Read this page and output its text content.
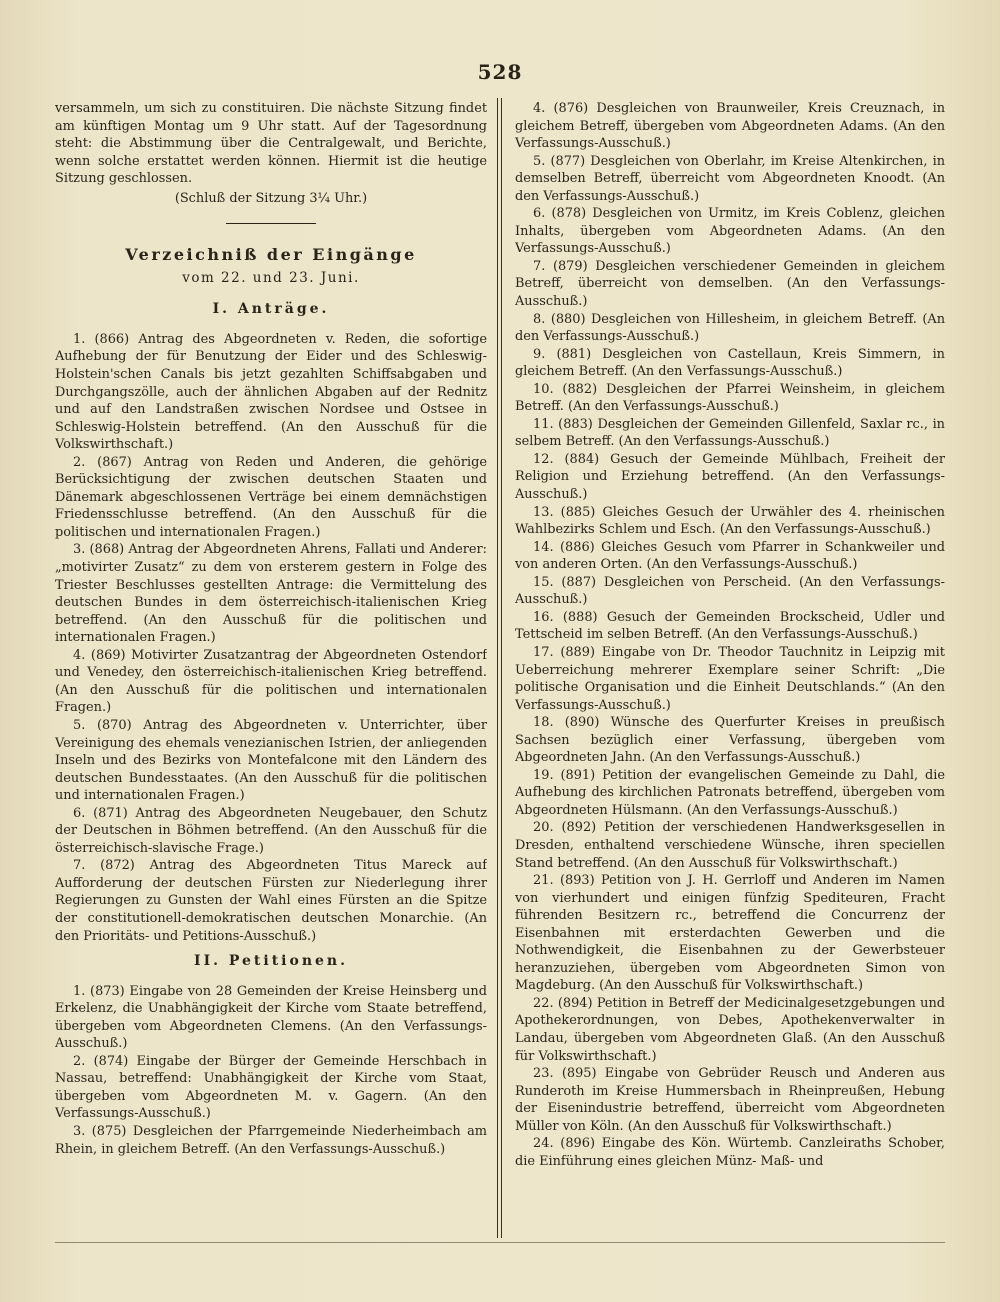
528

versammeln, um sich zu constituiren. Die nächste Sitzung findet am künftigen Montag um 9 Uhr statt. Auf der Tagesordnung steht: die Abstimmung über die Centralgewalt, und Berichte, wenn solche erstattet werden können. Hiermit ist die heutige Sitzung geschlossen.

(Schluß der Sitzung 3¼ Uhr.)

Verzeichniß der Eingänge
vom 22. und 23. Juni.
I. Anträge.

1. (866) Antrag des Abgeordneten v. Reden, die sofortige Aufhebung der für Benutzung der Eider und des Schleswig-Holstein'schen Canals bis jetzt gezahlten Schiffsabgaben und Durchgangszölle, auch der ähnlichen Abgaben auf der Rednitz und auf den Landstraßen zwischen Nordsee und Ostsee in Schleswig-Holstein betreffend. (An den Ausschuß für die Volkswirthschaft.)

2. (867) Antrag von Reden und Anderen, die gehörige Berücksichtigung der zwischen deutschen Staaten und Dänemark abgeschlossenen Verträge bei einem demnächstigen Friedensschlusse betreffend. (An den Ausschuß für die politischen und internationalen Fragen.)

3. (868) Antrag der Abgeordneten Ahrens, Fallati und Anderer: „motivirter Zusatz“ zu dem von ersterem gestern in Folge des Triester Beschlusses gestellten Antrage: die Vermittelung des deutschen Bundes in dem österreichisch-italienischen Krieg betreffend. (An den Ausschuß für die politischen und internationalen Fragen.)

4. (869) Motivirter Zusatzantrag der Abgeordneten Ostendorf und Venedey, den österreichisch-italienischen Krieg betreffend. (An den Ausschuß für die politischen und internationalen Fragen.)

5. (870) Antrag des Abgeordneten v. Unterrichter, über Vereinigung des ehemals venezianischen Istrien, der anliegenden Inseln und des Bezirks von Montefalcone mit den Ländern des deutschen Bundesstaates. (An den Ausschuß für die politischen und internationalen Fragen.)

6. (871) Antrag des Abgeordneten Neugebauer, den Schutz der Deutschen in Böhmen betreffend. (An den Ausschuß für die österreichisch-slavische Frage.)

7. (872) Antrag des Abgeordneten Titus Mareck auf Aufforderung der deutschen Fürsten zur Niederlegung ihrer Regierungen zu Gunsten der Wahl eines Fürsten an die Spitze der constitutionell-demokratischen deutschen Monarchie. (An den Prioritäts- und Petitions-Ausschuß.)

II. Petitionen.

1. (873) Eingabe von 28 Gemeinden der Kreise Heinsberg und Erkelenz, die Unabhängigkeit der Kirche vom Staate betreffend, übergeben vom Abgeordneten Clemens. (An den Verfassungs-Ausschuß.)

2. (874) Eingabe der Bürger der Gemeinde Herschbach in Nassau, betreffend: Unabhängigkeit der Kirche vom Staat, übergeben vom Abgeordneten M. v. Gagern. (An den Verfassungs-Ausschuß.)

3. (875) Desgleichen der Pfarrgemeinde Niederheimbach am Rhein, in gleichem Betreff. (An den Verfassungs-Ausschuß.)

4. (876) Desgleichen von Braunweiler, Kreis Creuznach, in gleichem Betreff, übergeben vom Abgeordneten Adams. (An den Verfassungs-Ausschuß.)

5. (877) Desgleichen von Oberlahr, im Kreise Altenkirchen, in demselben Betreff, überreicht vom Abgeordneten Knoodt. (An den Verfassungs-Ausschuß.)

6. (878) Desgleichen von Urmitz, im Kreis Coblenz, gleichen Inhalts, übergeben vom Abgeordneten Adams. (An den Verfassungs-Ausschuß.)

7. (879) Desgleichen verschiedener Gemeinden in gleichem Betreff, überreicht von demselben. (An den Verfassungs-Ausschuß.)

8. (880) Desgleichen von Hillesheim, in gleichem Betreff. (An den Verfassungs-Ausschuß.)

9. (881) Desgleichen von Castellaun, Kreis Simmern, in gleichem Betreff. (An den Verfassungs-Ausschuß.)

10. (882) Desgleichen der Pfarrei Weinsheim, in gleichem Betreff. (An den Verfassungs-Ausschuß.)

11. (883) Desgleichen der Gemeinden Gillenfeld, Saxlar rc., in selbem Betreff. (An den Verfassungs-Ausschuß.)

12. (884) Gesuch der Gemeinde Mühlbach, Freiheit der Religion und Erziehung betreffend. (An den Verfassungs-Ausschuß.)

13. (885) Gleiches Gesuch der Urwähler des 4. rheinischen Wahlbezirks Schlem und Esch. (An den Verfassungs-Ausschuß.)

14. (886) Gleiches Gesuch vom Pfarrer in Schankweiler und von anderen Orten. (An den Verfassungs-Ausschuß.)

15. (887) Desgleichen von Perscheid. (An den Verfassungs-Ausschuß.)

16. (888) Gesuch der Gemeinden Brockscheid, Udler und Tettscheid im selben Betreff. (An den Verfassungs-Ausschuß.)

17. (889) Eingabe von Dr. Theodor Tauchnitz in Leipzig mit Ueberreichung mehrerer Exemplare seiner Schrift: „Die politische Organisation und die Einheit Deutschlands.“ (An den Verfassungs-Ausschuß.)

18. (890) Wünsche des Querfurter Kreises in preußisch Sachsen bezüglich einer Verfassung, übergeben vom Abgeordneten Jahn. (An den Verfassungs-Ausschuß.)

19. (891) Petition der evangelischen Gemeinde zu Dahl, die Aufhebung des kirchlichen Patronats betreffend, übergeben vom Abgeordneten Hülsmann. (An den Verfassungs-Ausschuß.)

20. (892) Petition der verschiedenen Handwerksgesellen in Dresden, enthaltend verschiedene Wünsche, ihren speciellen Stand betreffend. (An den Ausschuß für Volkswirthschaft.)

21. (893) Petition von J. H. Gerrloff und Anderen im Namen von vierhundert und einigen fünfzig Spediteuren, Fracht führenden Besitzern rc., betreffend die Concurrenz der Eisenbahnen mit ersterdachten Gewerben und die Nothwendigkeit, die Eisenbahnen zu der Gewerbsteuer heranzuziehen, übergeben vom Abgeordneten Simon von Magdeburg. (An den Ausschuß für Volkswirthschaft.)

22. (894) Petition in Betreff der Medicinalgesetzgebungen und Apothekerordnungen, von Debes, Apothekenverwalter in Landau, übergeben vom Abgeordneten Glaß. (An den Ausschuß für Volkswirthschaft.)

23. (895) Eingabe von Gebrüder Reusch und Anderen aus Runderoth im Kreise Hummersbach in Rheinpreußen, Hebung der Eisenindustrie betreffend, überreicht vom Abgeordneten Müller von Köln. (An den Ausschuß für Volkswirthschaft.)

24. (896) Eingabe des Kön. Würtemb. Canzleiraths Schober, die Einführung eines gleichen Münz- Maß- und
